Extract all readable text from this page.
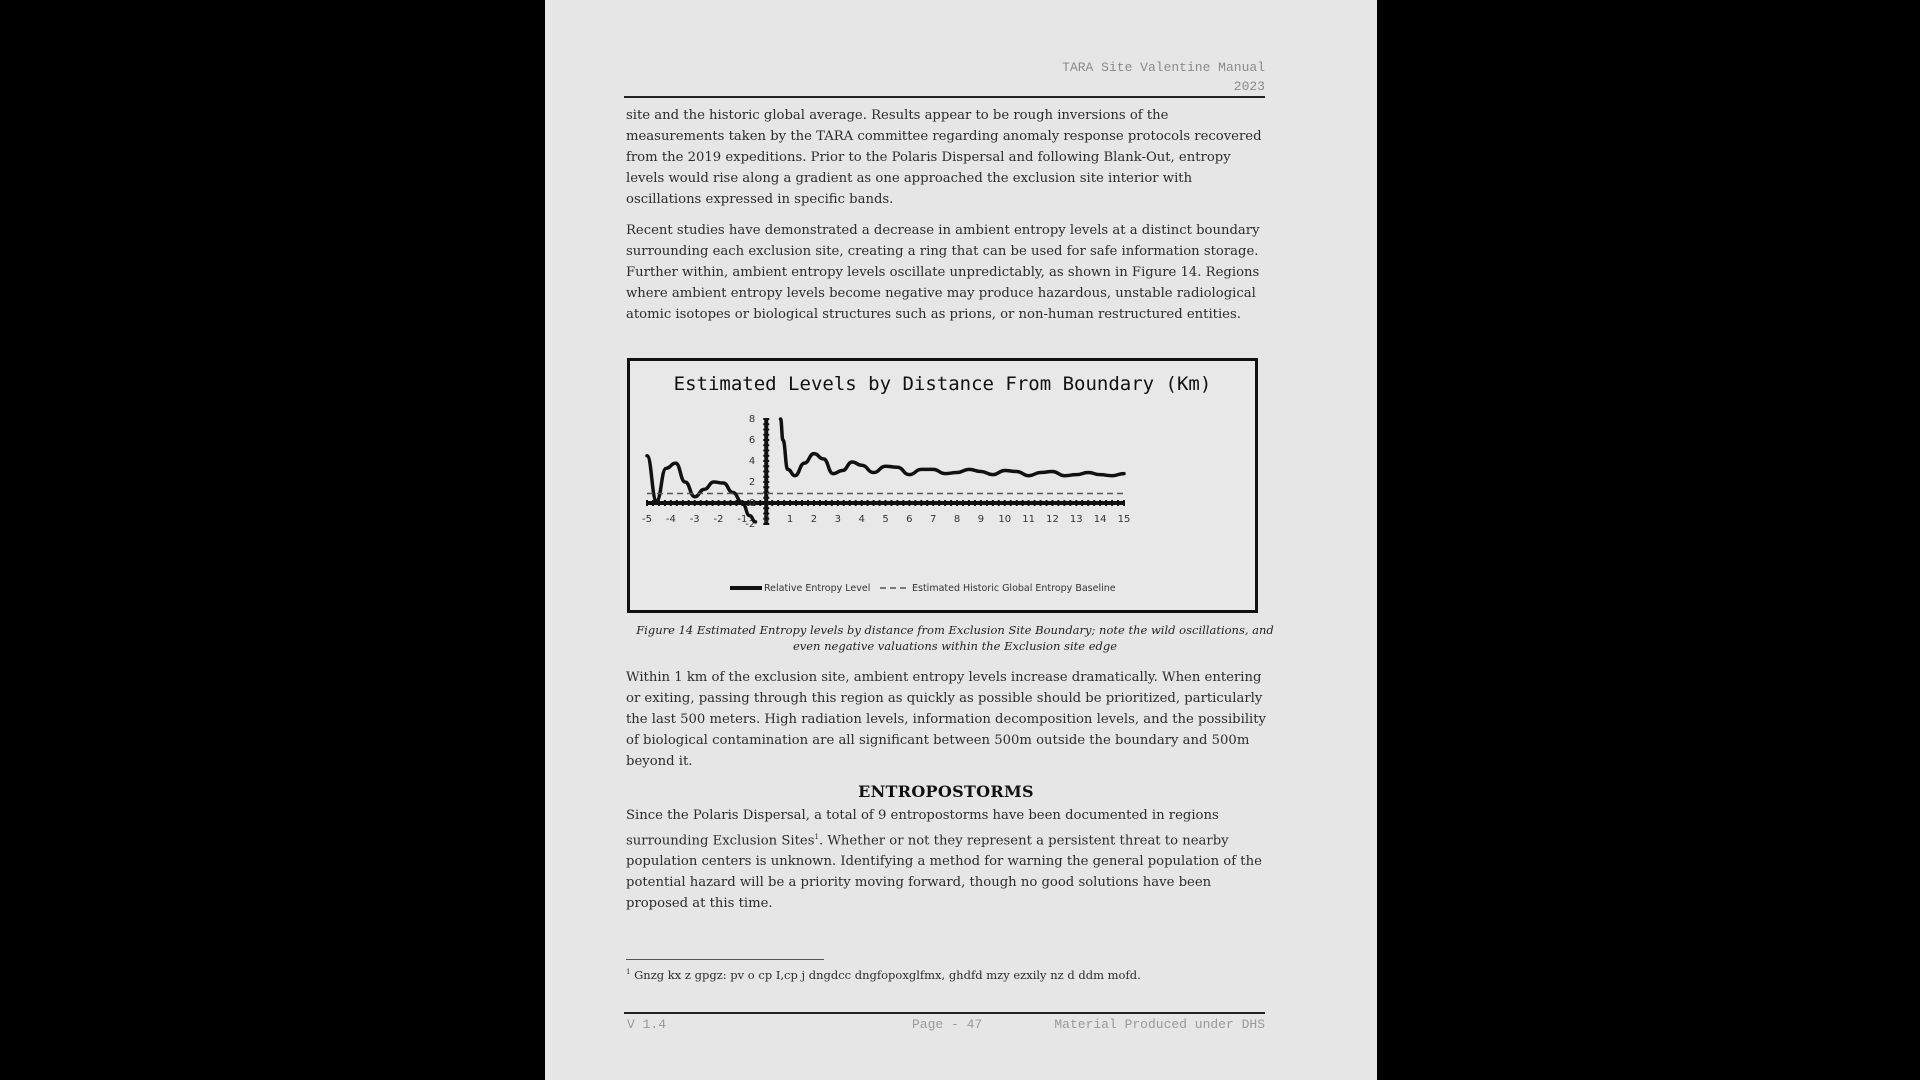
TARA Site Valentine Manual
2023

site and the historic global average. Results appear to be rough inversions of the measurements taken by the TARA committee regarding anomaly response protocols recovered from the 2019 expeditions. Prior to the Polaris Dispersal and following Blank-Out, entropy levels would rise along a gradient as one approached the exclusion site interior with oscillations expressed in specific bands.

Recent studies have demonstrated a decrease in ambient entropy levels at a distinct boundary surrounding each exclusion site, creating a ring that can be used for safe information storage. Further within, ambient entropy levels oscillate unpredictably, as shown in Figure 14. Regions where ambient entropy levels become negative may produce hazardous, unstable radiological atomic isotopes or biological structures such as prions, or non-human restructured entities.

Estimated Levels by Distance From Boundary (Km)
-5 -4 -3 -2 -1 0 1 2 3 4 5 6 7 8 9 10 11 12 13 14 15
-2
0
2
4
6
8
Relative Entropy Level	Estimated Historic Global Entropy Baseline
Figure 14 Estimated Entropy levels by distance from Exclusion Site Boundary; note the wild oscillations, and even negative valuations within the Exclusion site edge

Within 1 km of the exclusion site, ambient entropy levels increase dramatically. When entering or exiting, passing through this region as quickly as possible should be prioritized, particularly the last 500 meters. High radiation levels, information decomposition levels, and the possibility of biological contamination are all significant between 500m outside the boundary and 500m beyond it.

ENTROPOSTORMS

Since the Polaris Dispersal, a total of 9 entropostorms have been documented in regions surrounding Exclusion Sites$^1$. Whether or not they represent a persistent threat to nearby population centers is unknown. Identifying a method for warning the general population of the potential hazard will be a priority moving forward, though no good solutions have been proposed at this time.

$^1$ Gnzg kx z gpgz: pv o cp I,cp j dngdcc dngfopoxglfmx, ghdfd mzy ezxily nz d ddm mofd.
V 1.4	Page - 47	Material Produced under DHS
